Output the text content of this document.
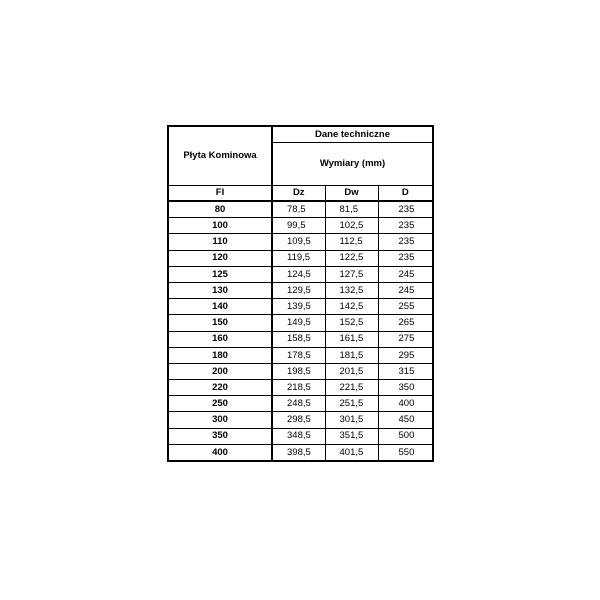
Płyta Kominowa	Dane techniczne		
	Wymiary (mm)		
FI	Dz	Dw	D
80	78,5	81,5	235
100	99,5	102,5	235
110	109,5	112,5	235
120	119,5	122,5	235
125	124,5	127,5	245
130	129,5	132,5	245
140	139,5	142,5	255
150	149,5	152,5	265
160	158,5	161,5	275
180	178,5	181,5	295
200	198,5	201,5	315
220	218,5	221,5	350
250	248,5	251,5	400
300	298,5	301,5	450
350	348,5	351,5	500
400	398,5	401,5	550
